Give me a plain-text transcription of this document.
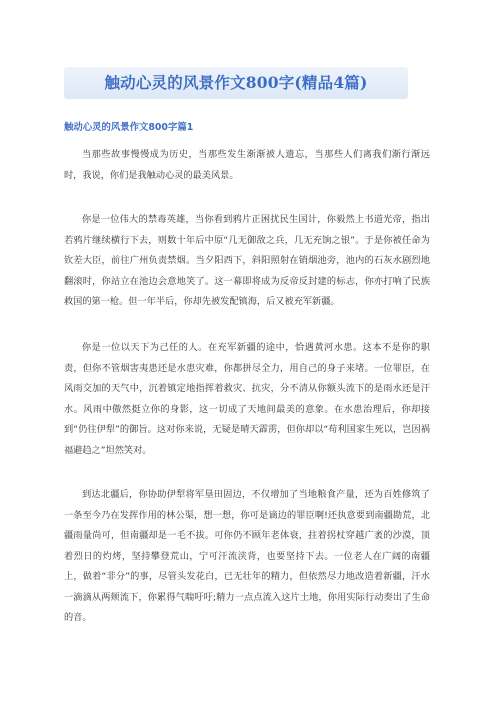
触动心灵的风景作文800字(精品4篇)
触动心灵的风景作文800字篇1

当那些故事慢慢成为历史，当那些发生渐渐被人遗忘，当那些人们离我们渐行渐远时，我说，你们是我触动心灵的最美风景。

你是一位伟大的禁毒英雄，当你看到鸦片正困扰民生国计，你毅然上书道光帝，指出若鸦片继续横行下去，则数十年后中原“几无御敌之兵，几无充饷之银”。于是你被任命为钦差大臣，前往广州负责禁烟。当夕阳西下，斜阳照射在销烟池旁，池内的石灰水剧烈地翻滚时，你站立在池边会意地笑了。这一幕即将成为反帝反封建的标志，你亦打响了民族救国的第一枪。但一年半后，你却先被发配镇海，后又被充军新疆。

你是一位以天下为己任的人。在充军新疆的途中，恰遇黄河水患。这本不是你的职责，但你不管烟害夷患还是水患灾难，你都拼尽全力，用自己的身子来堵。一位罪臣，在风雨交加的天气中，沉着镇定地指挥着救灾、抗灾，分不清从你额头流下的是雨水还是汗水。风雨中傲然挺立你的身影，这一切成了天地间最美的意象。在水患治理后，你却接到“仍往伊犁”的御旨。这对你来说，无疑是晴天霹雳，但你却以“苟利国家生死以，岂因祸福避趋之”坦然笑对。

到达北疆后，你协助伊犁将军垦田固边，不仅增加了当地粮食产量，还为百姓修筑了一条至今乃在发挥作用的林公渠，想一想，你可是谪边的罪臣啊!还执意要到南疆勘荒，北疆雨量尚可，但南疆却是一毛不拔。可你仍不顾年老体衰，拄着拐杖穿越广袤的沙漠，顶着烈日的灼烤，坚持攀登荒山，宁可汗流浃背，也要坚持下去。一位老人在广阔的南疆上，做着“非分”的事，尽管头发花白，已无壮年的精力，但依然尽力地改造着新疆，汗水一滴滴从两颊流下，你累得气喘吁吁;精力一点点流入这片土地，你用实际行动奏出了生命的音。
